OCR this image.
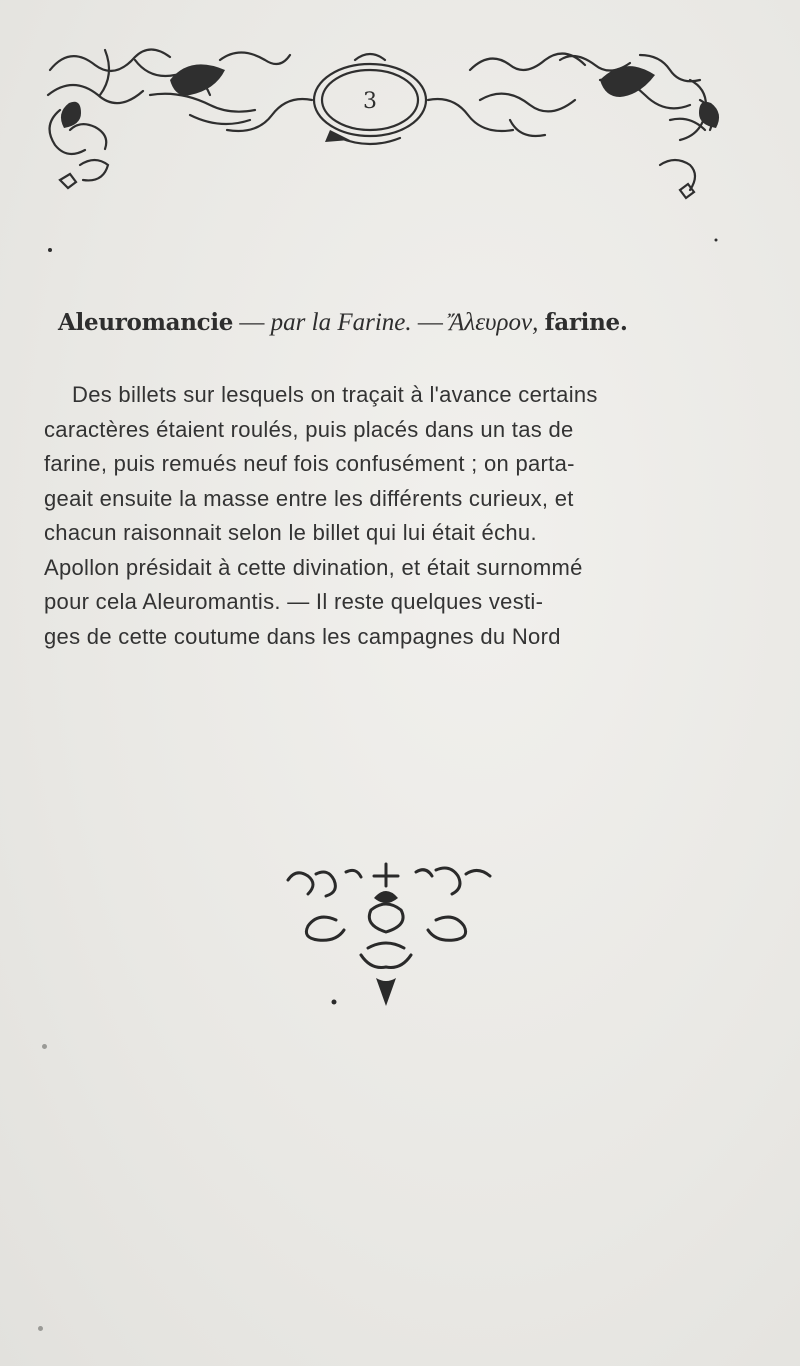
3
Aleuromancie — par la Farine. — Ἄλευρον, farine.
Des billets sur lesquels on traçait à l'avance certains
caractères étaient roulés, puis placés dans un tas de
farine, puis remués neuf fois confusément ; on parta-
geait ensuite la masse entre les différents curieux, et
chacun raisonnait selon le billet qui lui était échu.
Apollon présidait à cette divination, et était surnommé
pour cela Aleuromantis. — Il reste quelques vesti-
ges de cette coutume dans les campagnes du Nord
